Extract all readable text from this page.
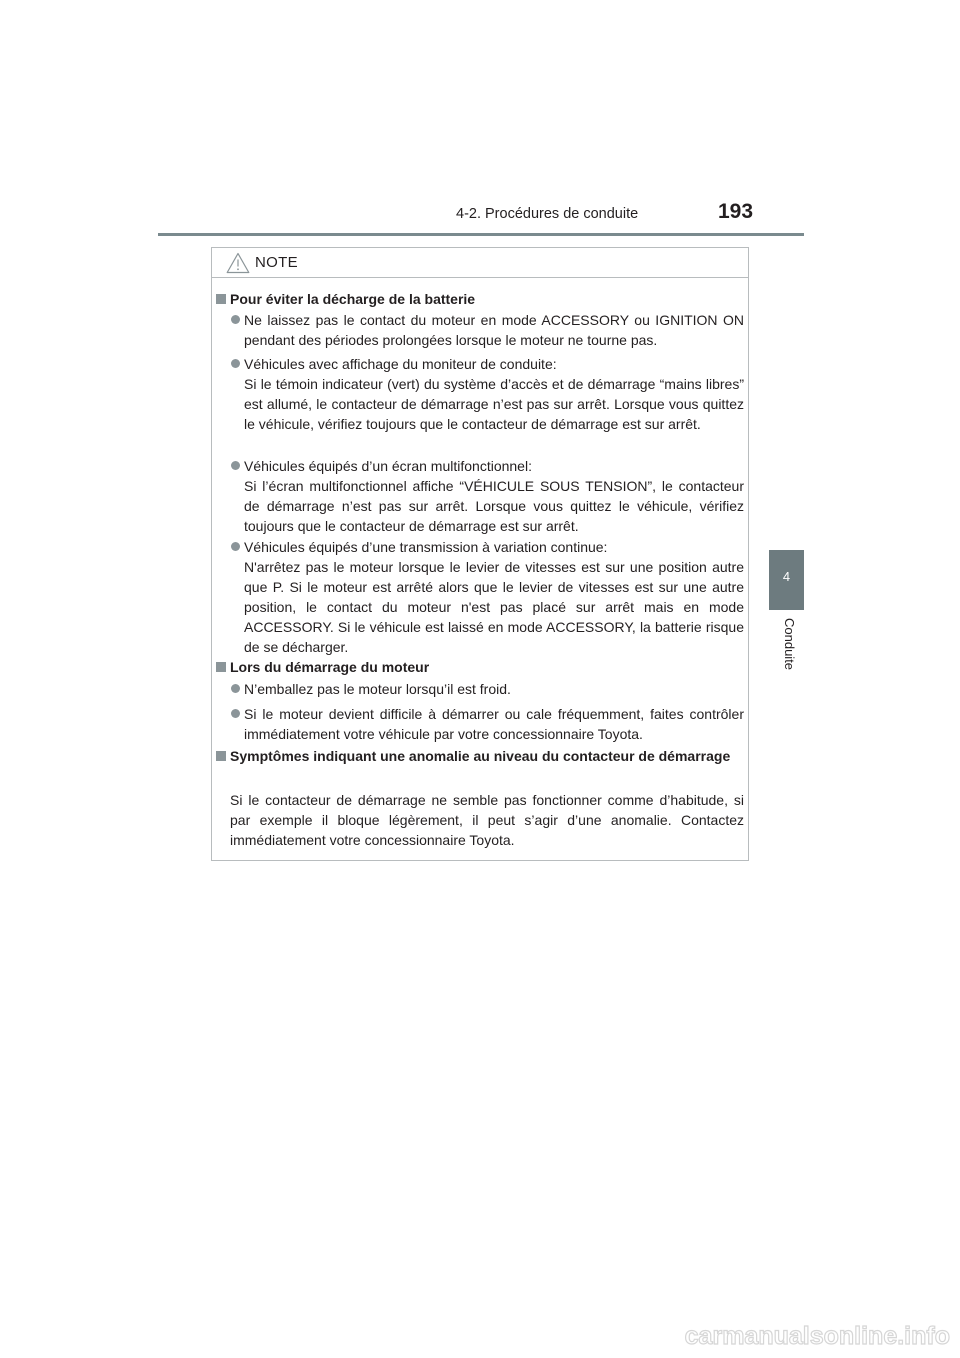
4-2. Procédures de conduite	193
4
Conduite
NOTE
Pour éviter la décharge de la batterie

Ne laissez pas le contact du moteur en mode ACCESSORY ou IGNITION ON pendant des périodes prolongées lorsque le moteur ne tourne pas.

Véhicules avec affichage du moniteur de conduite:

Si le témoin indicateur (vert) du système d’accès et de démarrage “mains libres” est allumé, le contacteur de démarrage n’est pas sur arrêt. Lorsque vous quittez le véhicule, vérifiez toujours que le contacteur de démarrage est sur arrêt.

Véhicules équipés d’un écran multifonctionnel:

Si l’écran multifonctionnel affiche “VÉHICULE SOUS TENSION”, le contacteur de démarrage n’est pas sur arrêt. Lorsque vous quittez le véhicule, vérifiez toujours que le contacteur de démarrage est sur arrêt.

Véhicules équipés d’une transmission à variation continue:

N'arrêtez pas le moteur lorsque le levier de vitesses est sur une position autre que P. Si le moteur est arrêté alors que le levier de vitesses est sur une autre position, le contact du moteur n'est pas placé sur arrêt mais en mode ACCESSORY. Si le véhicule est laissé en mode ACCESSORY, la batterie risque de se décharger.

Lors du démarrage du moteur

N’emballez pas le moteur lorsqu’il est froid.

Si le moteur devient difficile à démarrer ou cale fréquemment, faites contrôler immédiatement votre véhicule par votre concessionnaire Toyota.

Symptômes indiquant une anomalie au niveau du contacteur de démarrage
Si le contacteur de démarrage ne semble pas fonctionner comme d’habitude, si par exemple il bloque légèrement, il peut s’agir d’une anomalie. Contactez immédiatement votre concessionnaire Toyota.
carmanualsonline.info
